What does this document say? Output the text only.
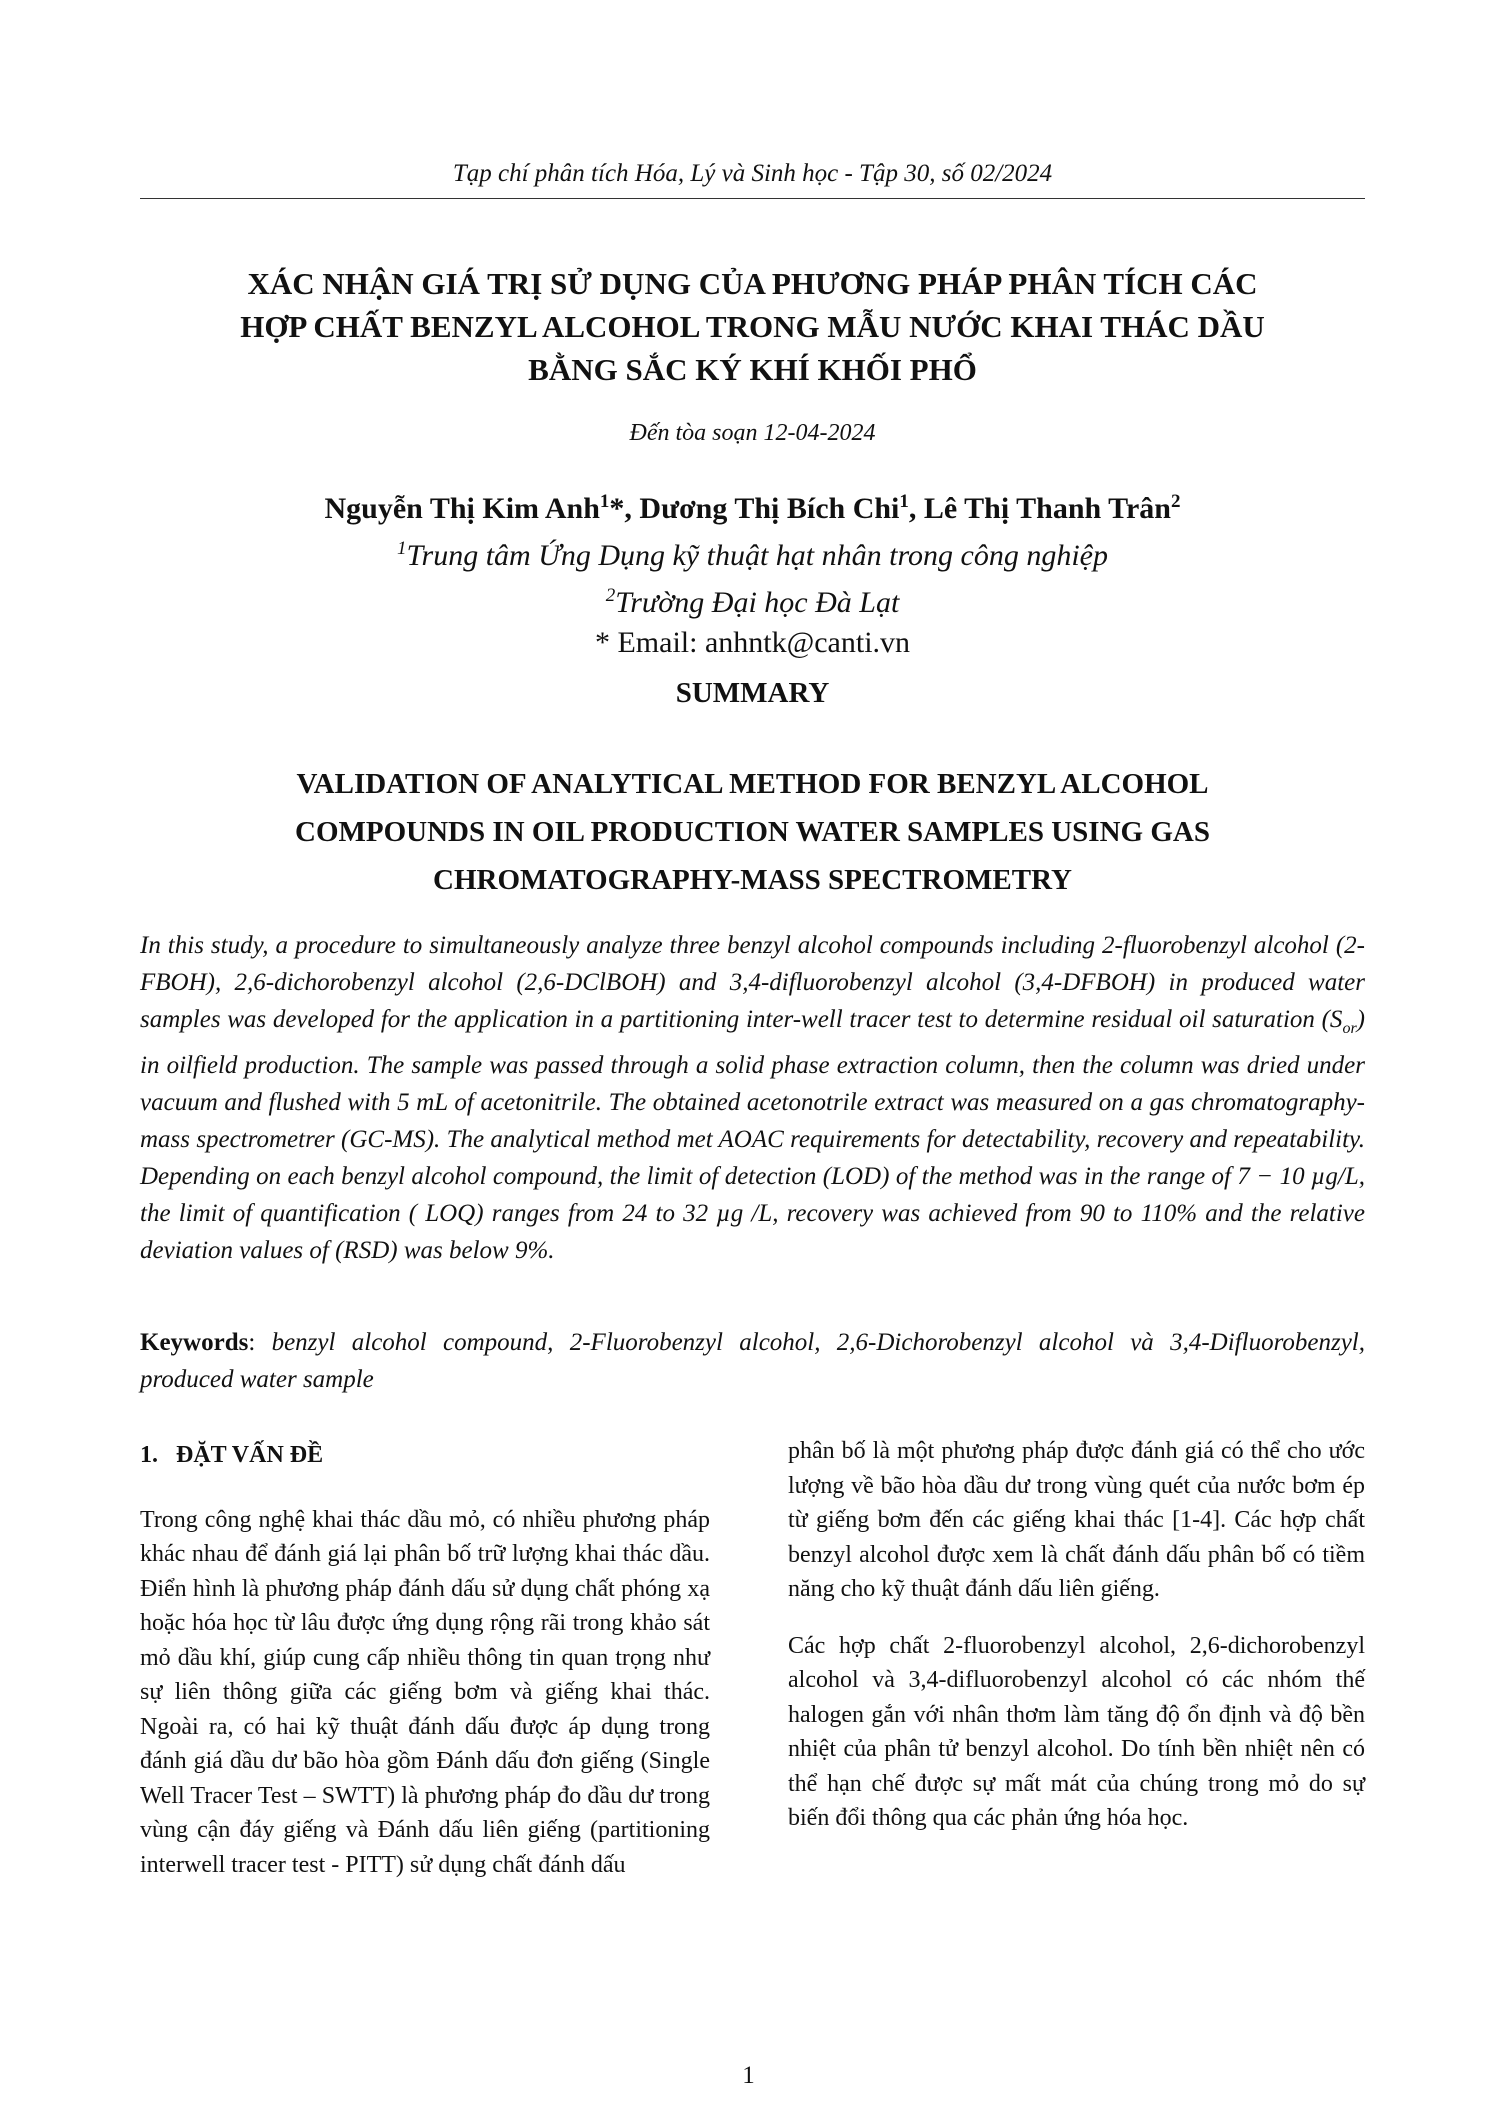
Tạp chí phân tích Hóa, Lý và Sinh học - Tập 30, số 02/2024
XÁC NHẬN GIÁ TRỊ SỬ DỤNG CỦA PHƯƠNG PHÁP PHÂN TÍCH CÁC
HỢP CHẤT BENZYL ALCOHOL TRONG MẪU NƯỚC KHAI THÁC DẦU
BẰNG SẮC KÝ KHÍ KHỐI PHỔ
Đến tòa soạn 12-04-2024
Nguyễn Thị Kim Anh$^1$*, Dương Thị Bích Chi$^1$, Lê Thị Thanh Trân$^2$
$^1$Trung tâm Ứng Dụng kỹ thuật hạt nhân trong công nghiệp
$^2$Trường Đại học Đà Lạt
* Email: anhntk@canti.vn
SUMMARY
VALIDATION OF ANALYTICAL METHOD FOR BENZYL ALCOHOL
COMPOUNDS IN OIL PRODUCTION WATER SAMPLES USING GAS
CHROMATOGRAPHY-MASS SPECTROMETRY
In this study, a procedure to simultaneously analyze three benzyl alcohol compounds including 2-fluorobenzyl alcohol (2-FBOH), 2,6-dichorobenzyl alcohol (2,6-DClBOH) and 3,4-difluorobenzyl alcohol (3,4-DFBOH) in produced water samples was developed for the application in a partitioning inter-well tracer test to determine residual oil saturation $(S_{or})$ in oilfield production. The sample was passed through a solid phase extraction column, then the column was dried under vacuum and flushed with 5 mL of acetonitrile. The obtained acetonotrile extract was measured on a gas chromatography-mass spectrometrer (GC-MS). The analytical method met AOAC requirements for detectability, recovery and repeatability. Depending on each benzyl alcohol compound, the limit of detection (LOD) of the method was in the range of 7 − 10 µg/L, the limit of quantification ( LOQ) ranges from 24 to 32 µg /L, recovery was achieved from 90 to 110% and the relative deviation values of (RSD) was below 9%.
Keywords: benzyl alcohol compound, 2-Fluorobenzyl alcohol, 2,6-Dichorobenzyl alcohol và 3,4-Difluorobenzyl, produced water sample

1. ĐẶT VẤN ĐỀ

Trong công nghệ khai thác dầu mỏ, có nhiều phương pháp khác nhau để đánh giá lại phân bố trữ lượng khai thác dầu. Điển hình là phương pháp đánh dấu sử dụng chất phóng xạ hoặc hóa học từ lâu được ứng dụng rộng rãi trong khảo sát mỏ dầu khí, giúp cung cấp nhiều thông tin quan trọng như sự liên thông giữa các giếng bơm và giếng khai thác. Ngoài ra, có hai kỹ thuật đánh dấu được áp dụng trong đánh giá dầu dư bão hòa gồm Đánh dấu đơn giếng (Single Well Tracer Test – SWTT) là phương pháp đo dầu dư trong vùng cận đáy giếng và Đánh dấu liên giếng (partitioning interwell tracer test - PITT) sử dụng chất đánh dấu

phân bố là một phương pháp được đánh giá có thể cho ước lượng về bão hòa dầu dư trong vùng quét của nước bơm ép từ giếng bơm đến các giếng khai thác [1-4]. Các hợp chất benzyl alcohol được xem là chất đánh dấu phân bố có tiềm năng cho kỹ thuật đánh dấu liên giếng.

Các hợp chất 2-fluorobenzyl alcohol, 2,6-dichorobenzyl alcohol và 3,4-difluorobenzyl alcohol có các nhóm thế halogen gắn với nhân thơm làm tăng độ ổn định và độ bền nhiệt của phân tử benzyl alcohol. Do tính bền nhiệt nên có thể hạn chế được sự mất mát của chúng trong mỏ do sự biến đổi thông qua các phản ứng hóa học.

1
